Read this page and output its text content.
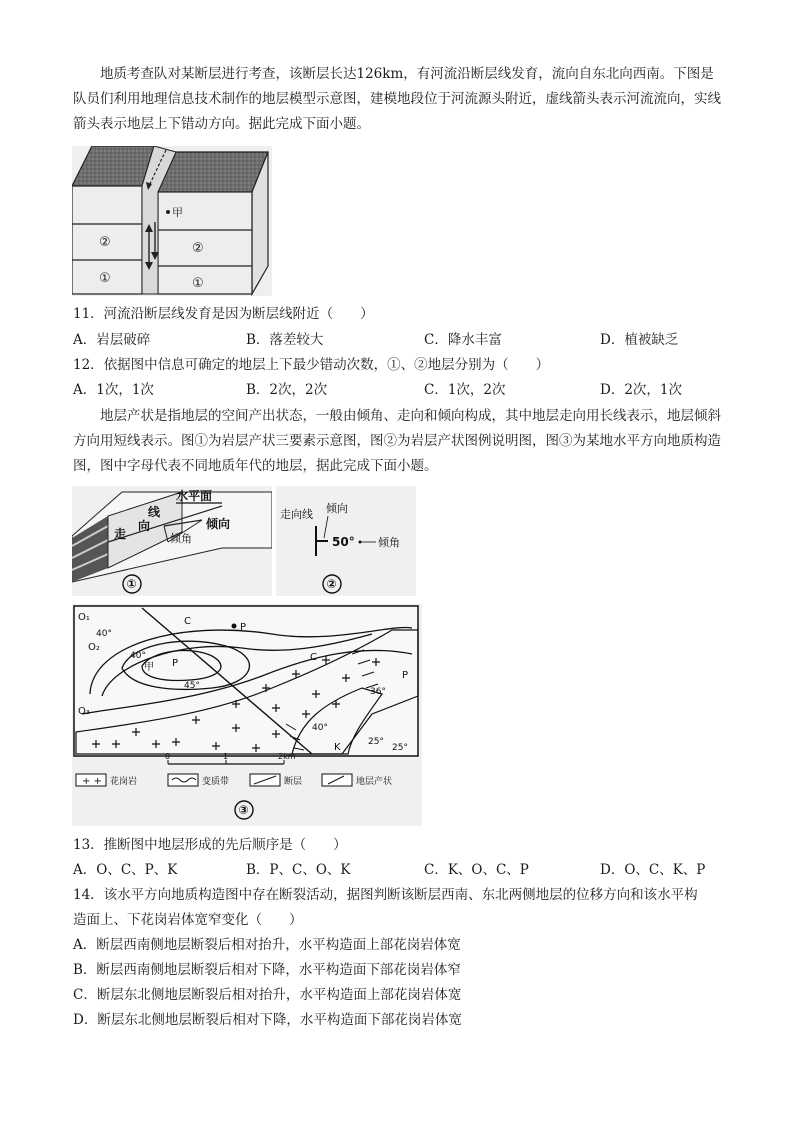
地质考查队对某断层进行考查，该断层长达126km，有河流沿断层线发育，流向自东北向西南。下图是队员们利用地理信息技术制作的地层模型示意图，建模地段位于河流源头附近，虚线箭头表示河流流向，实线箭头表示地层上下错动方向。据此完成下面小题。
甲
②	②
①	①
11．河流沿断层线发育是因为断层线附近（　　）
A．岩层破碎	B．落差较大	C．降水丰富	D．植被缺乏
12．依据图中信息可确定的地层上下最少错动次数，①、②地层分别为（　　）
A．1次，1次	B．2次，2次	C．1次，2次	D．2次，1次
地层产状是指地层的空间产出状态，一般由倾角、走向和倾向构成，其中地层走向用长线表示，地层倾斜方向用短线表示。图①为岩层产状三要素示意图，图②为岩层产状图例说明图，图③为某地水平方向地质构造图，图中字母代表不同地质年代的地层，据此完成下面小题。
水平面
线
向
走
倾向
倾角
①
走向线 倾向
50° 倾角
②
P
O₁
O₂
O₃
C
C
P
P
K
甲
40°
40°
45°
36°
40°
25°
25°
0	1	2km
+ + 花岗岩	变质带	断层	地层产状
③
13．推断图中地层形成的先后顺序是（　　）
A．O、C、P、K	B．P、C、O、K	C．K、O、C、P	D．O、C、K、P
14．该水平方向地质构造图中存在断裂活动，据图判断该断层西南、东北两侧地层的位移方向和该水平构
造面上、下花岗岩体宽窄变化（　　）
A．断层西南侧地层断裂后相对抬升，水平构造面上部花岗岩体宽
B．断层西南侧地层断裂后相对下降，水平构造面下部花岗岩体窄
C．断层东北侧地层断裂后相对抬升，水平构造面上部花岗岩体宽
D．断层东北侧地层断裂后相对下降，水平构造面下部花岗岩体宽
